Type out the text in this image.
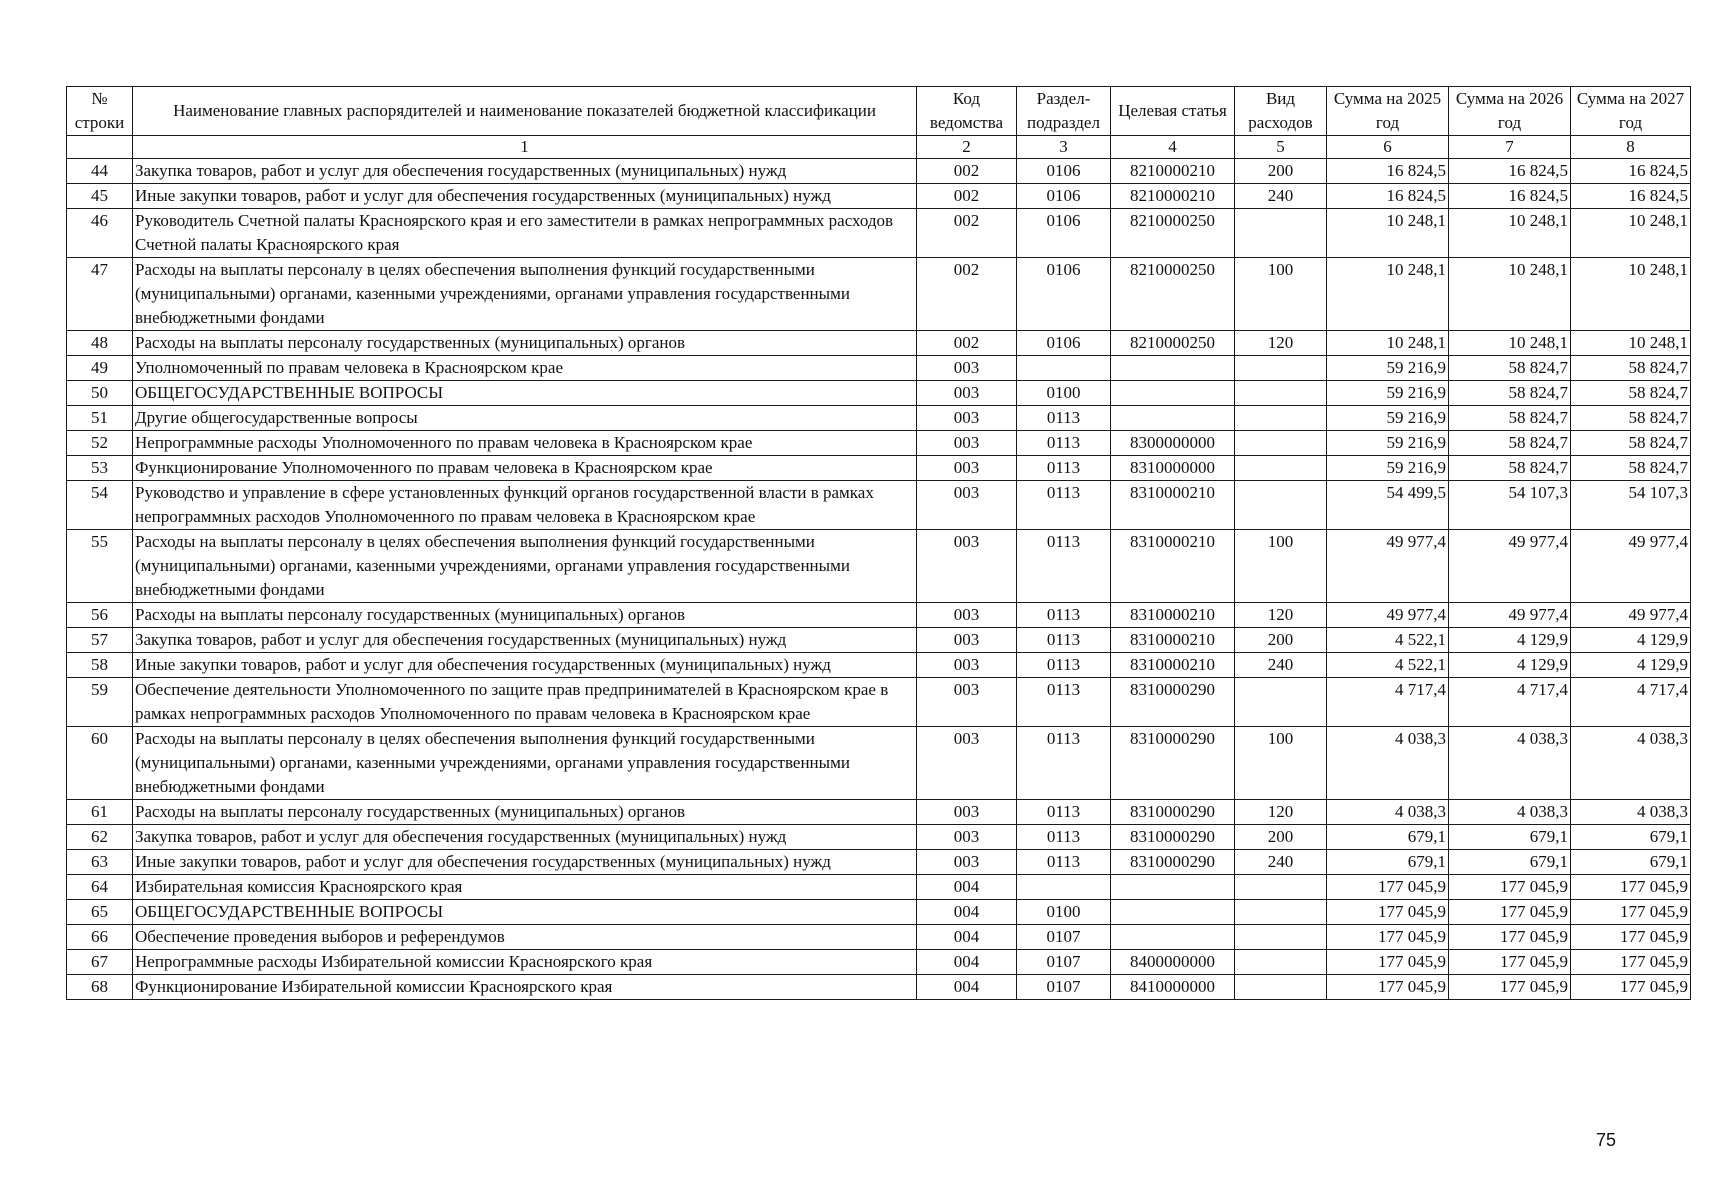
№ строки	Наименование главных распорядителей и наименование показателей бюджетной классификации	Код ведомства	Раздел-подраздел	Целевая статья	Вид расходов	Сумма на 2025 год	Сумма на 2026 год	Сумма на 2027 год
	1	2	3	4	5	6	7	8
44	Закупка товаров, работ и услуг для обеспечения государственных (муниципальных) нужд	002	0106	8210000210	200	16 824,5	16 824,5	16 824,5
45	Иные закупки товаров, работ и услуг для обеспечения государственных (муниципальных) нужд	002	0106	8210000210	240	16 824,5	16 824,5	16 824,5
46	Руководитель Счетной палаты Красноярского края и его заместители в рамках непрограммных расходов Счетной палаты Красноярского края	002	0106	8210000250		10 248,1	10 248,1	10 248,1
47	Расходы на выплаты персоналу в целях обеспечения выполнения функций государственными (муниципальными) органами, казенными учреждениями, органами управления государственными внебюджетными фондами	002	0106	8210000250	100	10 248,1	10 248,1	10 248,1
48	Расходы на выплаты персоналу государственных (муниципальных) органов	002	0106	8210000250	120	10 248,1	10 248,1	10 248,1
49	Уполномоченный по правам человека в Красноярском крае	003				59 216,9	58 824,7	58 824,7
50	ОБЩЕГОСУДАРСТВЕННЫЕ ВОПРОСЫ	003	0100			59 216,9	58 824,7	58 824,7
51	Другие общегосударственные вопросы	003	0113			59 216,9	58 824,7	58 824,7
52	Непрограммные расходы Уполномоченного по правам человека в Красноярском крае	003	0113	8300000000		59 216,9	58 824,7	58 824,7
53	Функционирование Уполномоченного по правам человека в Красноярском крае	003	0113	8310000000		59 216,9	58 824,7	58 824,7
54	Руководство и управление в сфере установленных функций органов государственной власти в рамках непрограммных расходов Уполномоченного по правам человека в Красноярском крае	003	0113	8310000210		54 499,5	54 107,3	54 107,3
55	Расходы на выплаты персоналу в целях обеспечения выполнения функций государственными (муниципальными) органами, казенными учреждениями, органами управления государственными внебюджетными фондами	003	0113	8310000210	100	49 977,4	49 977,4	49 977,4
56	Расходы на выплаты персоналу государственных (муниципальных) органов	003	0113	8310000210	120	49 977,4	49 977,4	49 977,4
57	Закупка товаров, работ и услуг для обеспечения государственных (муниципальных) нужд	003	0113	8310000210	200	4 522,1	4 129,9	4 129,9
58	Иные закупки товаров, работ и услуг для обеспечения государственных (муниципальных) нужд	003	0113	8310000210	240	4 522,1	4 129,9	4 129,9
59	Обеспечение деятельности Уполномоченного по защите прав предпринимателей в Красноярском крае в рамках непрограммных расходов Уполномоченного по правам человека в Красноярском крае	003	0113	8310000290		4 717,4	4 717,4	4 717,4
60	Расходы на выплаты персоналу в целях обеспечения выполнения функций государственными (муниципальными) органами, казенными учреждениями, органами управления государственными внебюджетными фондами	003	0113	8310000290	100	4 038,3	4 038,3	4 038,3
61	Расходы на выплаты персоналу государственных (муниципальных) органов	003	0113	8310000290	120	4 038,3	4 038,3	4 038,3
62	Закупка товаров, работ и услуг для обеспечения государственных (муниципальных) нужд	003	0113	8310000290	200	679,1	679,1	679,1
63	Иные закупки товаров, работ и услуг для обеспечения государственных (муниципальных) нужд	003	0113	8310000290	240	679,1	679,1	679,1
64	Избирательная комиссия Красноярского края	004				177 045,9	177 045,9	177 045,9
65	ОБЩЕГОСУДАРСТВЕННЫЕ ВОПРОСЫ	004	0100			177 045,9	177 045,9	177 045,9
66	Обеспечение проведения выборов и референдумов	004	0107			177 045,9	177 045,9	177 045,9
67	Непрограммные расходы Избирательной комиссии Красноярского края	004	0107	8400000000		177 045,9	177 045,9	177 045,9
68	Функционирование Избирательной комиссии Красноярского края	004	0107	8410000000		177 045,9	177 045,9	177 045,9
75
